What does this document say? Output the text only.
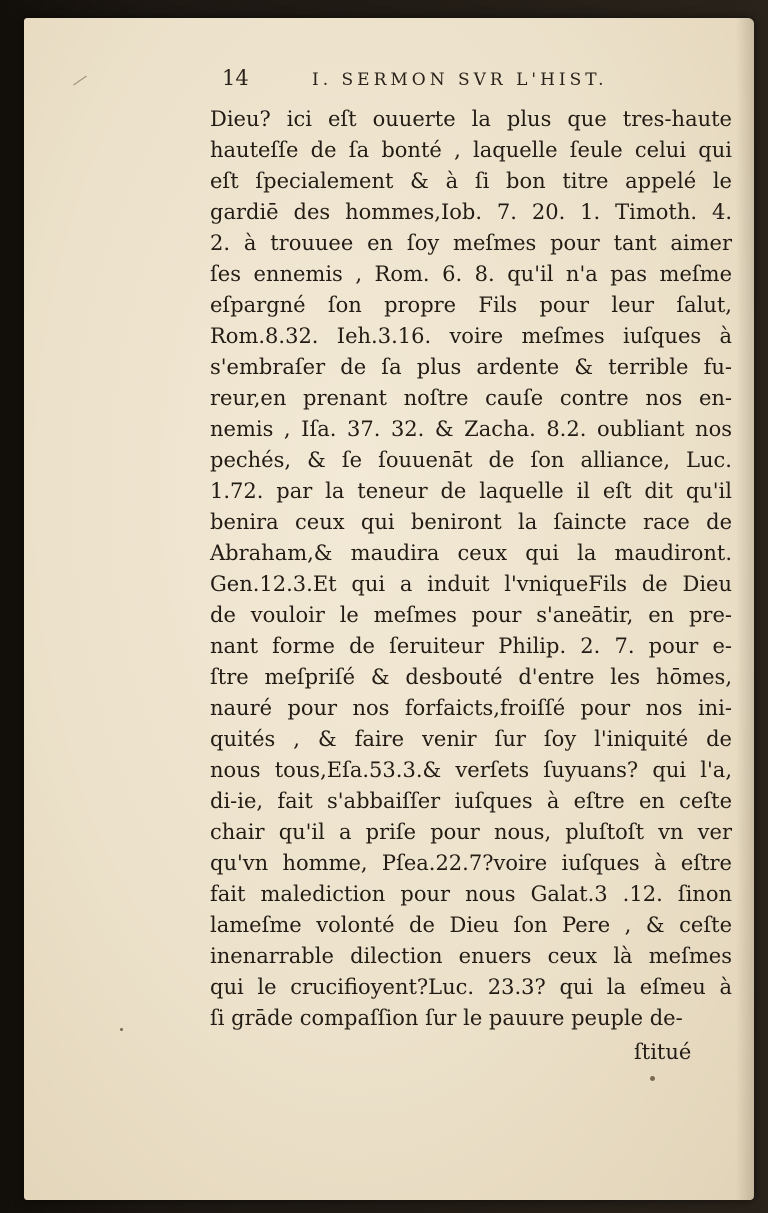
14	I. SERMON SVR L'HIST.
Dieu? ici eſt ouuerte la plus que tres-haute
hauteſſe de ſa bonté , laquelle ſeule celui qui
eſt ſpecialement & à ſi bon titre appelé le
gardiē des hommes,Iob. 7. 20. 1. Timoth. 4.
2. à trouuee en ſoy meſmes pour tant aimer
ſes ennemis , Rom. 6. 8. qu'il n'a pas meſme
eſpargné ſon propre Fils pour leur ſalut,
Rom.8.32. Ieh.3.16. voire meſmes iuſques à
s'embraſer de ſa plus ardente & terrible fu-
reur,en prenant noſtre cauſe contre nos en-
nemis , Iſa. 37. 32. & Zacha. 8.2. oubliant nos
pechés, & ſe ſouuenāt de ſon alliance, Luc.
1.72. par la teneur de laquelle il eſt dit qu'il
benira ceux qui beniront la ſaincte race de
Abraham,& maudira ceux qui la maudiront.
Gen.12.3.Et qui a induit l'vniqueFils de Dieu
de vouloir le meſmes pour s'aneātir, en pre-
nant forme de ſeruiteur Philip. 2. 7. pour e-
ſtre meſpriſé & desbouté d'entre les hōmes,
nauré pour nos forfaicts,froiſſé pour nos ini-
quités , & faire venir ſur ſoy l'iniquité de
nous tous,Eſa.53.3.& verſets ſuyuans? qui l'a,
di-ie, fait s'abbaiſſer iuſques à eſtre en ceſte
chair qu'il a priſe pour nous, pluſtoſt vn ver
qu'vn homme, Pſea.22.7?voire iuſques à eſtre
fait malediction pour nous Galat.3 .12. ſinon
lameſme volonté de Dieu ſon Pere , & ceſte
inenarrable dilection enuers ceux là meſmes
qui le crucifioyent?Luc. 23.3? qui la eſmeu à
ſi grāde compaſſion ſur le pauure peuple de-
ſtitué
